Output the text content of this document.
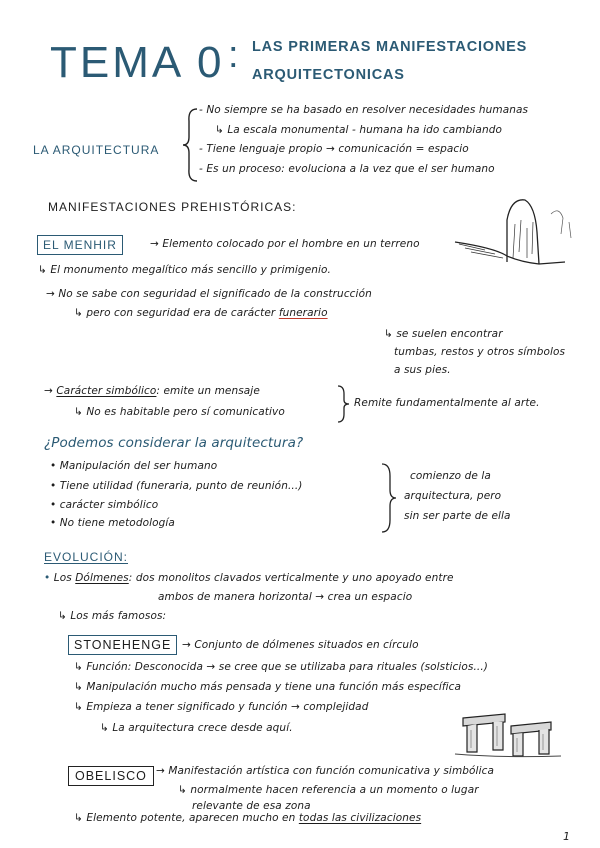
TEMA 0 : LAS PRIMERAS MANIFESTACIONES
ARQUITECTONICAS
LA ARQUITECTURA
- No siempre se ha basado en resolver necesidades humanas
↳ La escala monumental - humana ha ido cambiando
- Tiene lenguaje propio → comunicación = espacio
- Es un proceso: evoluciona a la vez que el ser humano
MANIFESTACIONES PREHISTÓRICAS:
EL MENHIR	→ Elemento colocado por el hombre en un terreno
↳ El monumento megalítico más sencillo y primigenio.
→ No se sabe con seguridad el significado de la construcción
↳ pero con seguridad era de carácter funerario
↳ se suelen encontrar
tumbas, restos y otros símbolos
a sus pies.
→ Carácter simbólico: emite un mensaje
↳ No es habitable pero sí comunicativo
Remite fundamentalmente al arte.
¿Podemos considerar la arquitectura?
• Manipulación del ser humano
• Tiene utilidad (funeraria, punto de reunión...)
• carácter simbólico
• No tiene metodología
comienzo de la
arquitectura, pero
sin ser parte de ella
EVOLUCIÓN:
• Los Dólmenes: dos monolitos clavados verticalmente y uno apoyado entre
ambos de manera horizontal → crea un espacio
↳ Los más famosos:
STONEHENGE	→ Conjunto de dólmenes situados en círculo
↳ Función: Desconocida → se cree que se utilizaba para rituales (solsticios...)
↳ Manipulación mucho más pensada y tiene una función más específica
↳ Empieza a tener significado y función → complejidad
↳ La arquitectura crece desde aquí.
OBELISCO → Manifestación artística con función comunicativa y simbólica
↳ normalmente hacen referencia a un momento o lugar
relevante de esa zona
↳ Elemento potente, aparecen mucho en todas las civilizaciones
1
